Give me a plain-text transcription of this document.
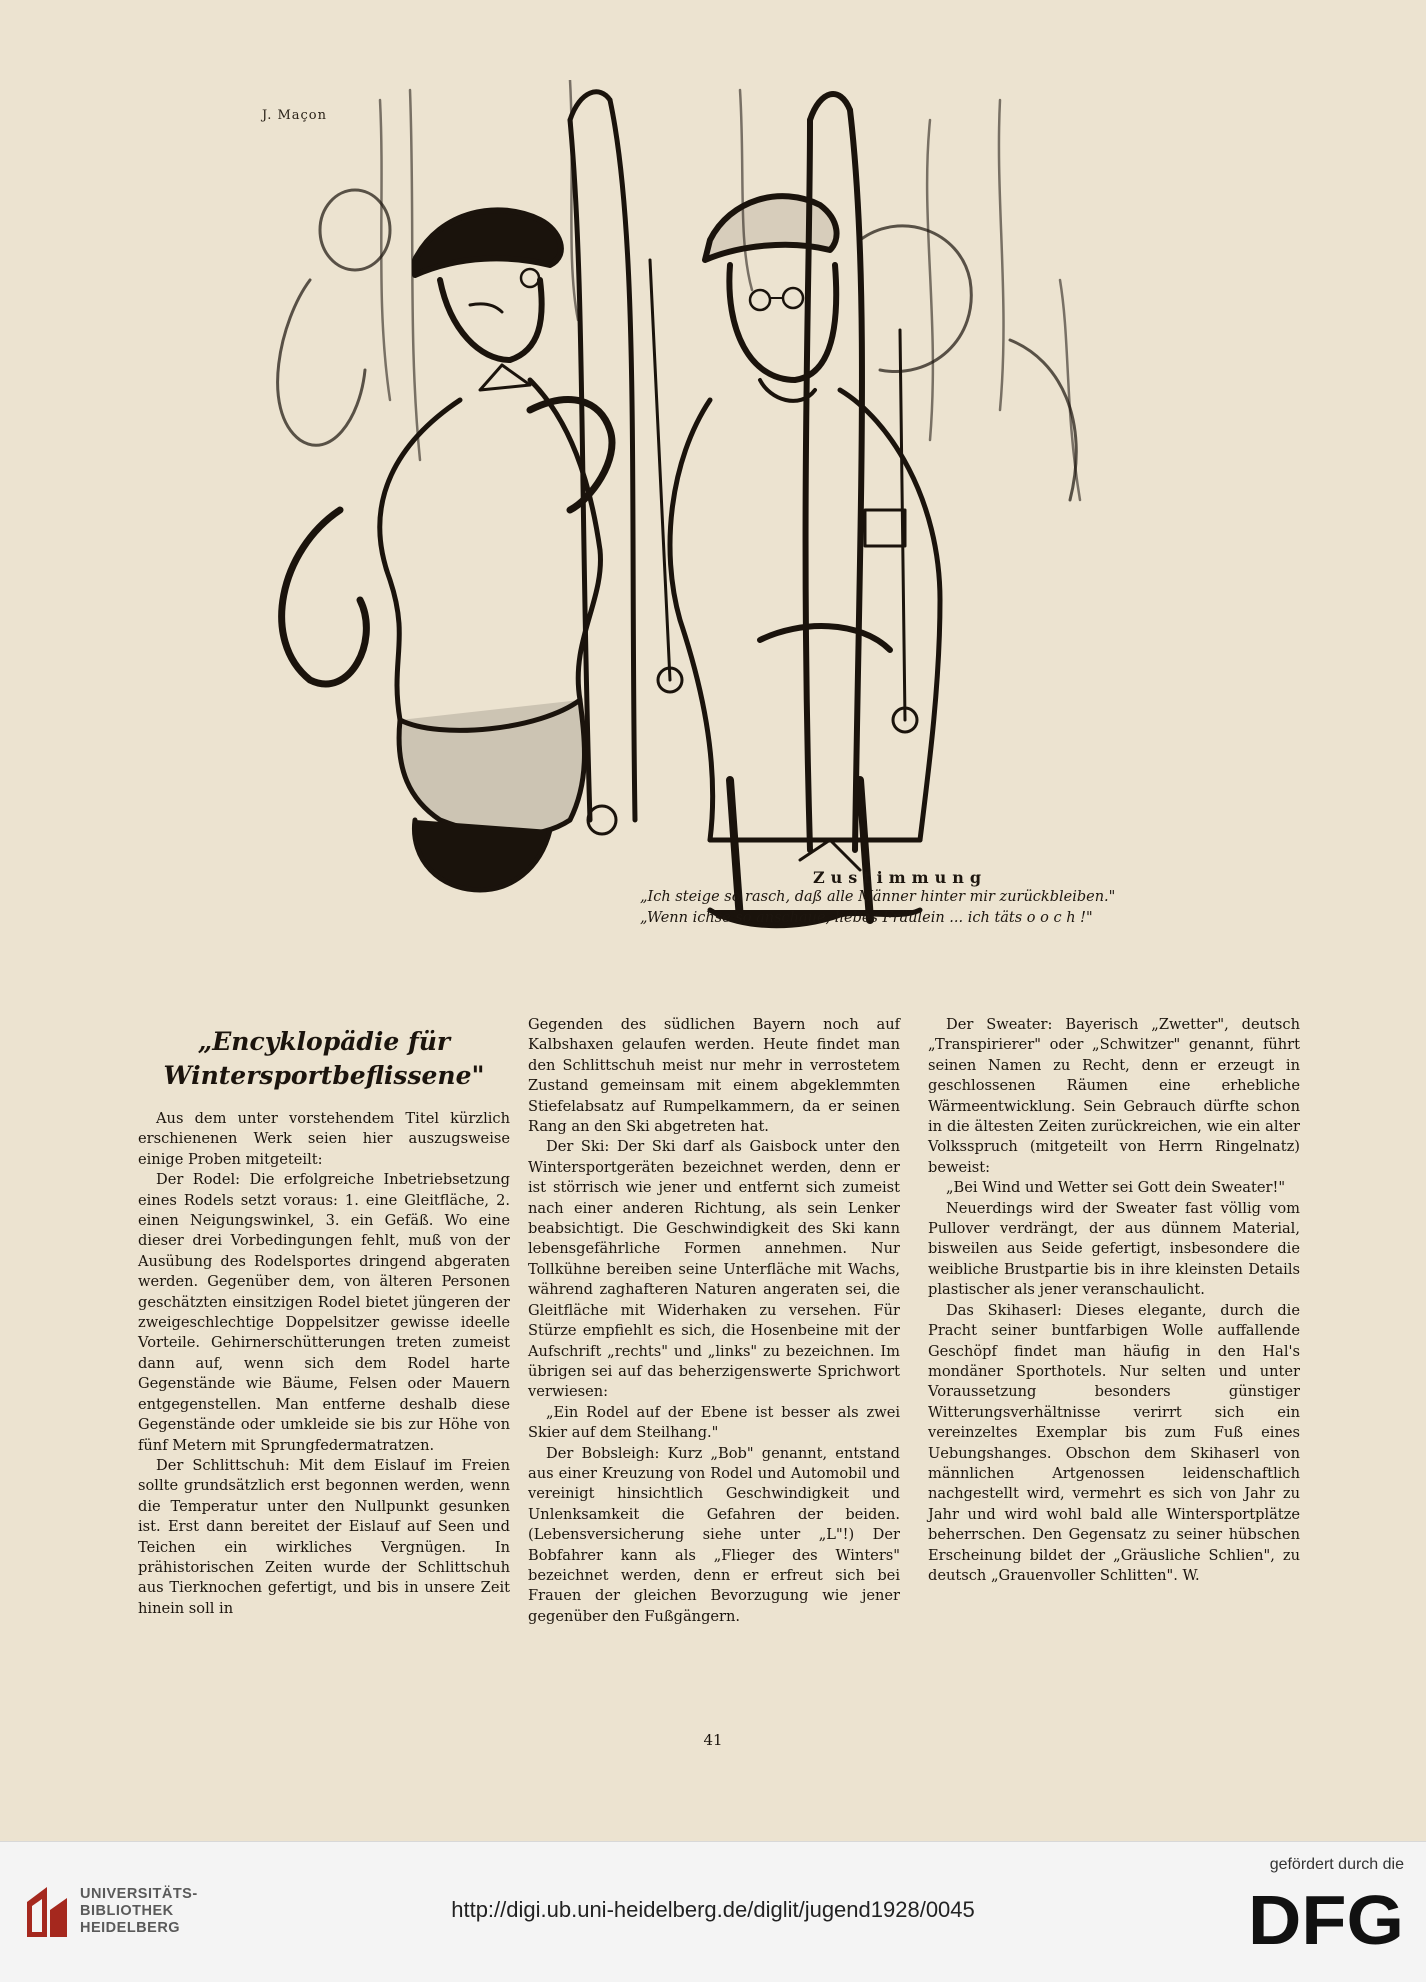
J. Maçon
Zustimmung
„Ich steige so rasch, daß alle Männer hinter mir zurückbleiben."
„Wenn ichse so anschaue, liebes Fräulein ... ich täts o o c h !"
„Encyklopädie für
Wintersportbeflissene"

Aus dem unter vorstehendem Titel kürzlich erschienenen Werk seien hier auszugsweise einige Proben mitgeteilt:

Der Rodel: Die erfolgreiche Inbetriebsetzung eines Rodels setzt voraus: 1. eine Gleitfläche, 2. einen Neigungswinkel, 3. ein Gefäß. Wo eine dieser drei Vorbedingungen fehlt, muß von der Ausübung des Rodelsportes dringend abgeraten werden. Gegenüber dem, von älteren Personen geschätzten einsitzigen Rodel bietet jüngeren der zweigeschlechtige Doppelsitzer gewisse ideelle Vorteile. Gehirnerschütterungen treten zumeist dann auf, wenn sich dem Rodel harte Gegenstände wie Bäume, Felsen oder Mauern entgegenstellen. Man entferne deshalb diese Gegenstände oder umkleide sie bis zur Höhe von fünf Metern mit Sprungfedermatratzen.

Der Schlittschuh: Mit dem Eislauf im Freien sollte grundsätzlich erst begonnen werden, wenn die Temperatur unter den Nullpunkt gesunken ist. Erst dann bereitet der Eislauf auf Seen und Teichen ein wirkliches Vergnügen. In prähistorischen Zeiten wurde der Schlittschuh aus Tierknochen gefertigt, und bis in unsere Zeit hinein soll in

Gegenden des südlichen Bayern noch auf Kalbshaxen gelaufen werden. Heute findet man den Schlittschuh meist nur mehr in verrostetem Zustand gemeinsam mit einem abgeklemmten Stiefelabsatz auf Rumpelkammern, da er seinen Rang an den Ski abgetreten hat.

Der Ski: Der Ski darf als Gaisbock unter den Wintersportgeräten bezeichnet werden, denn er ist störrisch wie jener und entfernt sich zumeist nach einer anderen Richtung, als sein Lenker beabsichtigt. Die Geschwindigkeit des Ski kann lebensgefährliche Formen annehmen. Nur Tollkühne bereiben seine Unterfläche mit Wachs, während zaghafteren Naturen angeraten sei, die Gleitfläche mit Widerhaken zu versehen. Für Stürze empfiehlt es sich, die Hosenbeine mit der Aufschrift „rechts" und „links" zu bezeichnen. Im übrigen sei auf das beherzigenswerte Sprichwort verwiesen:

„Ein Rodel auf der Ebene ist besser als zwei Skier auf dem Steilhang."

Der Bobsleigh: Kurz „Bob" genannt, entstand aus einer Kreuzung von Rodel und Automobil und vereinigt hinsichtlich Geschwindigkeit und Unlenksamkeit die Gefahren der beiden. (Lebensversicherung siehe unter „L"!) Der Bobfahrer kann als „Flieger des Winters" bezeichnet werden, denn er erfreut sich bei Frauen der gleichen Bevorzugung wie jener gegenüber den Fußgängern.

Der Sweater: Bayerisch „Zwetter", deutsch „Transpirierer" oder „Schwitzer" genannt, führt seinen Namen zu Recht, denn er erzeugt in geschlossenen Räumen eine erhebliche Wärmeentwicklung. Sein Gebrauch dürfte schon in die ältesten Zeiten zurückreichen, wie ein alter Volksspruch (mitgeteilt von Herrn Ringelnatz) beweist:

„Bei Wind und Wetter sei Gott dein Sweater!"

Neuerdings wird der Sweater fast völlig vom Pullover verdrängt, der aus dünnem Material, bisweilen aus Seide gefertigt, insbesondere die weibliche Brustpartie bis in ihre kleinsten Details plastischer als jener veranschaulicht.

Das Skihaserl: Dieses elegante, durch die Pracht seiner buntfarbigen Wolle auffallende Geschöpf findet man häufig in den Hal's mondäner Sporthotels. Nur selten und unter Voraussetzung besonders günstiger Witterungsverhältnisse verirrt sich ein vereinzeltes Exemplar bis zum Fuß eines Uebungshanges. Obschon dem Skihaserl von männlichen Artgenossen leidenschaftlich nachgestellt wird, vermehrt es sich von Jahr zu Jahr und wird wohl bald alle Wintersportplätze beherrschen. Den Gegensatz zu seiner hübschen Erscheinung bildet der „Gräusliche Schlien", zu deutsch „Grauenvoller Schlitten". W.

41
UNIVERSITÄTS-
BIBLIOTHEK
HEIDELBERG
gefördert durch die
DFG
http://digi.ub.uni-heidelberg.de/diglit/jugend1928/0045
